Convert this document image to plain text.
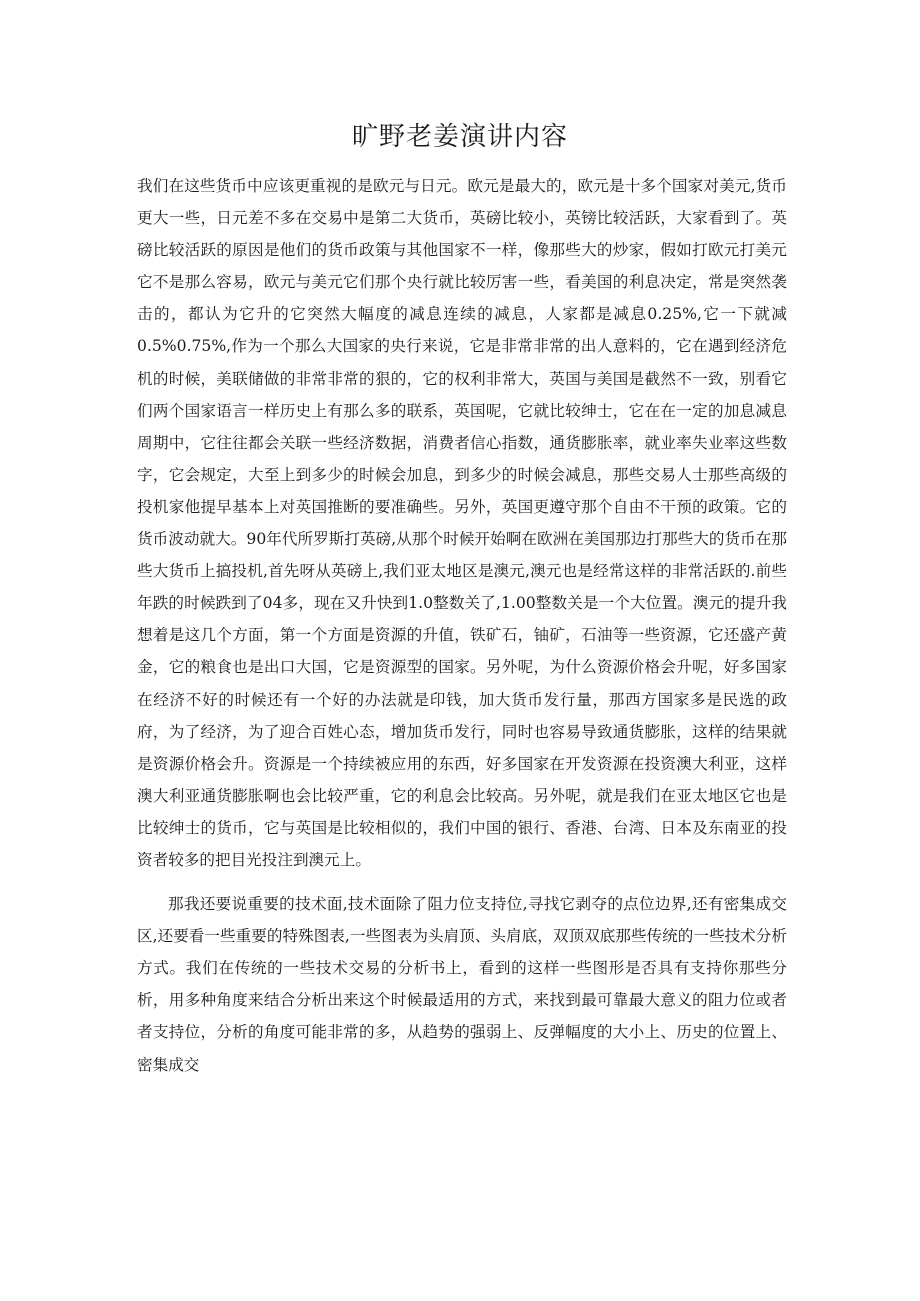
旷野老姜演讲内容

我们在这些货币中应该更重视的是欧元与日元。欧元是最大的，欧元是十多个国家对美元,货币更大一些，日元差不多在交易中是第二大货币，英磅比较小，英镑比较活跃，大家看到了。英磅比较活跃的原因是他们的货币政策与其他国家不一样，像那些大的炒家，假如打欧元打美元它不是那么容易，欧元与美元它们那个央行就比较厉害一些，看美国的利息决定，常是突然袭击的，都认为它升的它突然大幅度的减息连续的减息，人家都是减息0.25%,它一下就减0.5%0.75%,作为一个那么大国家的央行来说，它是非常非常的出人意料的，它在遇到经济危机的时候，美联储做的非常非常的狠的，它的权利非常大，英国与美国是截然不一致，别看它们两个国家语言一样历史上有那么多的联系，英国呢，它就比较绅士，它在在一定的加息减息周期中，它往往都会关联一些经济数据，消费者信心指数，通货膨胀率，就业率失业率这些数字，它会规定，大至上到多少的时候会加息，到多少的时候会减息，那些交易人士那些高级的投机家他提早基本上对英国推断的要准确些。另外，英国更遵守那个自由不干预的政策。它的货币波动就大。90年代所罗斯打英磅,从那个时候开始啊在欧洲在美国那边打那些大的货币在那些大货币上搞投机,首先呀从英磅上,我们亚太地区是澳元,澳元也是经常这样的非常活跃的.前些年跌的时候跌到了04多，现在又升快到1.0整数关了,1.00整数关是一个大位置。澳元的提升我想着是这几个方面，第一个方面是资源的升值，铁矿石，铀矿，石油等一些资源，它还盛产黄金，它的粮食也是出口大国，它是资源型的国家。另外呢，为什么资源价格会升呢，好多国家在经济不好的时候还有一个好的办法就是印钱，加大货币发行量，那西方国家多是民选的政府，为了经济，为了迎合百姓心态，增加货币发行，同时也容易导致通货膨胀，这样的结果就是资源价格会升。资源是一个持续被应用的东西，好多国家在开发资源在投资澳大利亚，这样澳大利亚通货膨胀啊也会比较严重，它的利息会比较高。另外呢，就是我们在亚太地区它也是比较绅士的货币，它与英国是比较相似的，我们中国的银行、香港、台湾、日本及东南亚的投资者较多的把目光投注到澳元上。

那我还要说重要的技术面,技术面除了阻力位支持位,寻找它剥夺的点位边界,还有密集成交区,还要看一些重要的特殊图表,一些图表为头肩顶、头肩底，双顶双底那些传统的一些技术分析方式。我们在传统的一些技术交易的分析书上，看到的这样一些图形是否具有支持你那些分析，用多种角度来结合分析出来这个时候最适用的方式，来找到最可靠最大意义的阻力位或者者支持位，分析的角度可能非常的多，从趋势的强弱上、反弹幅度的大小上、历史的位置上、密集成交
